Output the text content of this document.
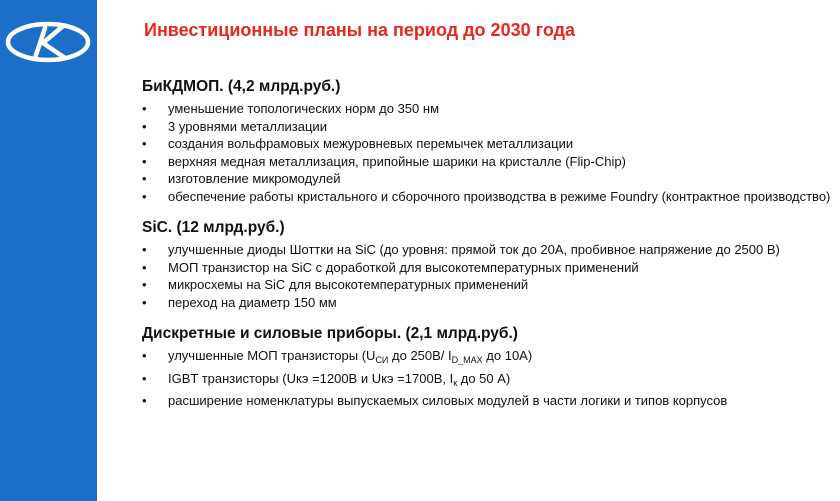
Инвестиционные планы на период до 2030 года
БиКДМОП. (4,2 млрд.руб.)
• уменьшение топологических норм до 350 нм
• 3 уровнями металлизации
• создания вольфрамовых межуровневых перемычек металлизации
• верхняя медная металлизация, припойные шарики на кристалле (Flip-Chip)
• изготовление микромодулей
• обеспечение работы кристального и сборочного производства в режиме Foundry (контрактное производство)
SiC. (12 млрд.руб.)
• улучшенные диоды Шоттки на SiC (до уровня: прямой ток до 20А, пробивное напряжение до 2500 В)
• МОП транзистор на SiC с доработкой для высокотемпературных применений
• микросхемы на SiC для высокотемпературных применений
• переход на диаметр 150 мм
Дискретные и силовые приборы. (2,1 млрд.руб.)
• улучшенные МОП транзисторы ($U_{СИ}$ до 250В/ $I_{D\_MAX}$ до 10А)
• IGBT транзисторы (Uкэ =1200В и Uкэ =1700В, $I_к$ до 50 А)
• расширение номенклатуры выпускаемых силовых модулей в части логики и типов корпусов
